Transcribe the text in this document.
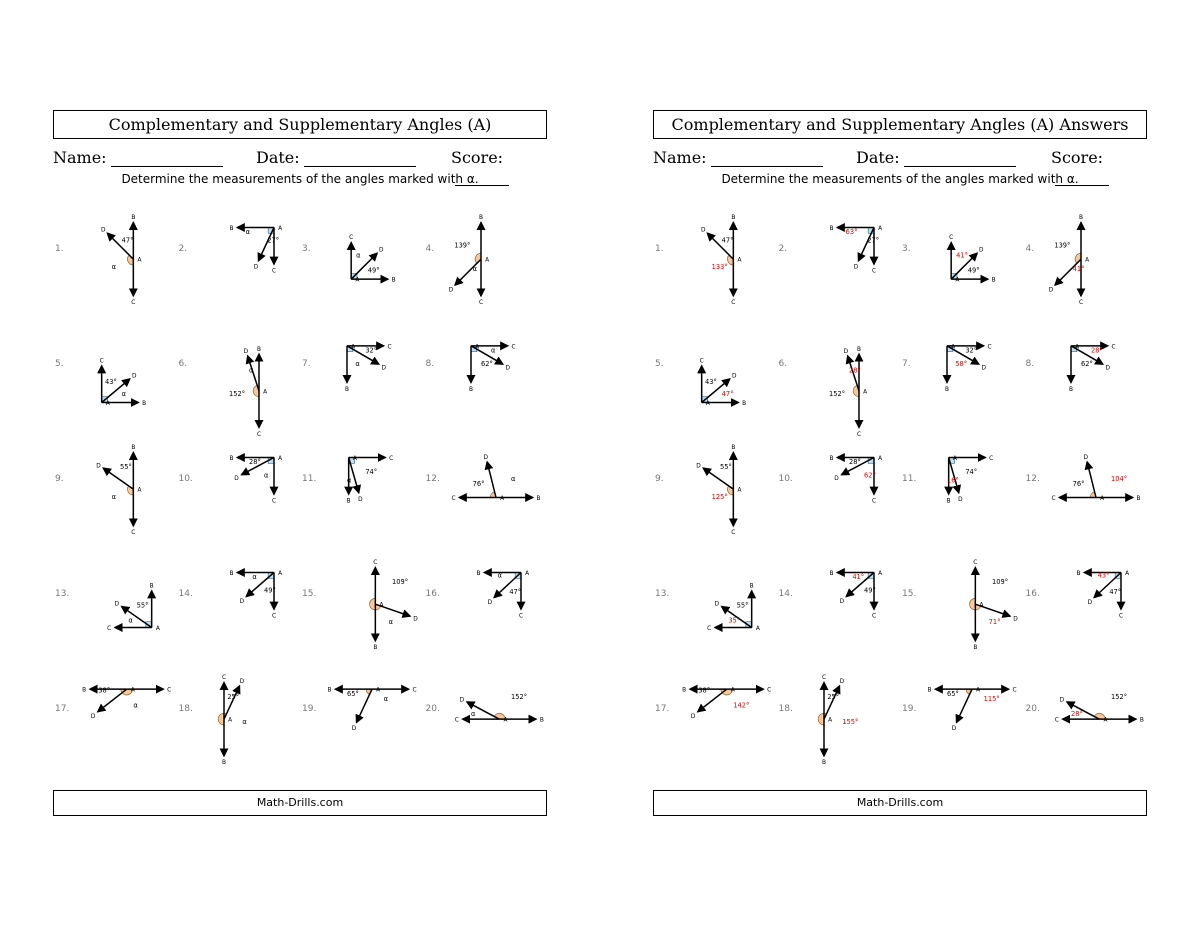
Complementary and Supplementary Angles (A)
Name:	Date:	Score:
Determine the measurements of the angles marked with α.
1.
B
C
D
A
47°
α
2.
B
C
D
A
27°
α
3.
B
C
D
A
49°
α
4.
B
C
D
A
139°
α
5.
B
C
D
A
43°
α
6.
B
C
D
A
152°
α
7.
B
C
D
A 32°
α	8.
B
C
D
A
62°
α
9.
B
C
D
A
55°
α
10.
B
C
D
A
28°
α	11.
B
C
D
A
74°
α	12.
B
C
D
A
76°
α
13.
B
C
D
A
55°
α
14.
B
C
D
A
49°
α
15.
B
C
D
A
109°
α
16.
B
C
D
A
47°
α
17.
B	C
D
A
38°
α	18.
B
C
D
A
25°
α
19.
B	C
D
A
65°
α
20.
B
C
D
A
152°
α
Math-Drills.com
Complementary and Supplementary Angles (A) Answers
Name:	Date:	Score:
Determine the measurements of the angles marked with α.
1.
B
C
D
A
47°
133°
2.
B
C
D
A
27°
63°
3.
B
C
D
A
49°
41°
4.
B
C
D
A
139°
41°
5.
B
C
D
A
43°
47°
6.
B
C
D
A
152°
28°
7.
B
C
D
A 32°
58°	8.
B
C
D
A
62°
28°
9.
B
C
D
A
55°
125°
10.
B
C
D
A
28°
62°	11.
B
C
D
A
74°
16°	12.
B
C
D
A
76°
104°
13.
B
C
D
A
55°
35°
14.
B
C
D
A
49°
41°
15.
B
C
D
A
109°
71°
16.
B
C
D
A
47°
43°
17.
B	C
D
A
38°
142°	18.
B
C
D
A
25°
155°
19.
B	C
D
A
65°
115°
20.
B
C
D
A
152°
28°
Math-Drills.com
